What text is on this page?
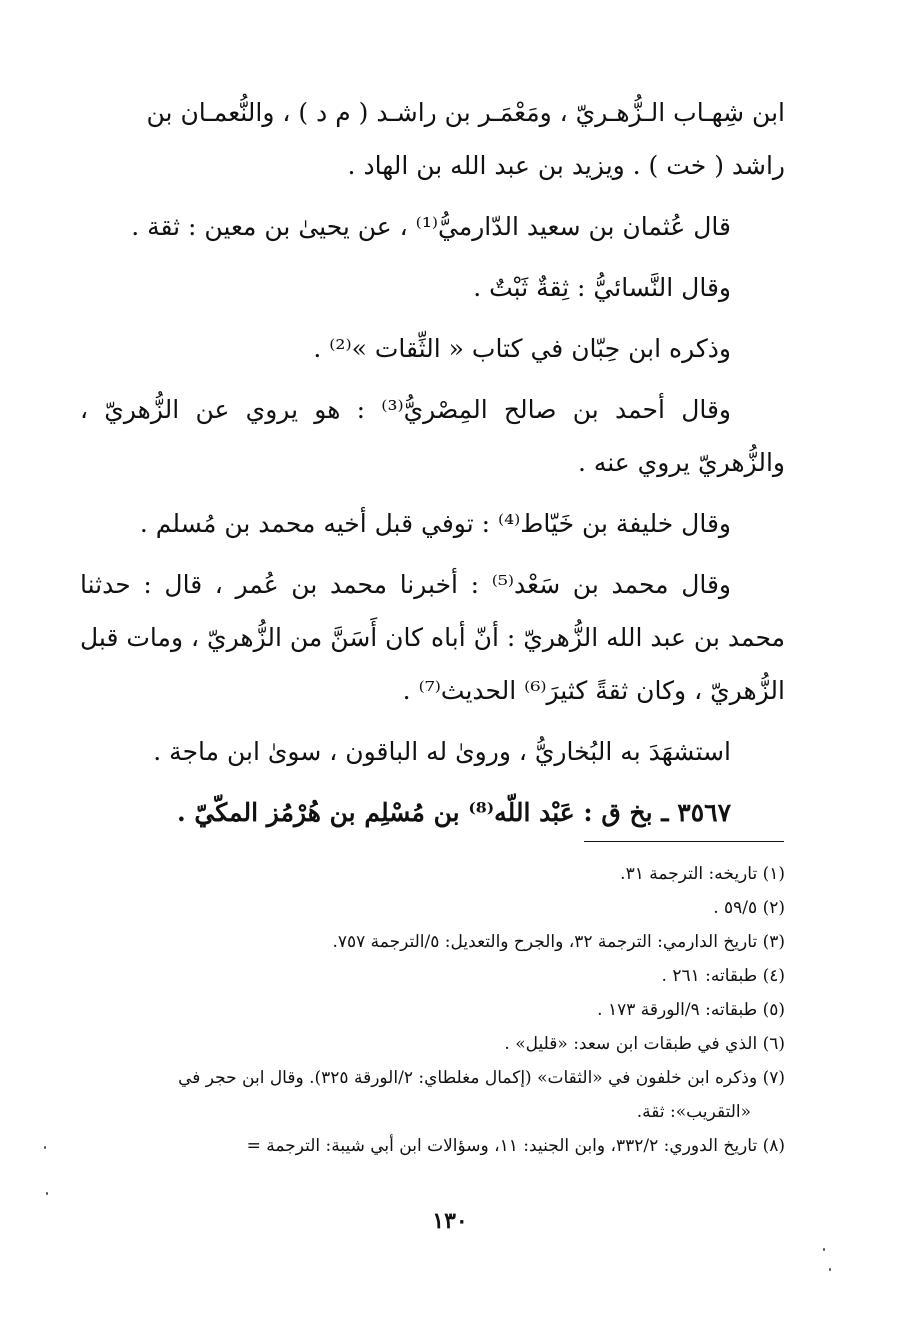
ابن شِهـاب الـزُّهـريّ ، ومَعْمَـر بن راشـد ( م د ) ، والنُّعمـان بن
راشد ( خت ) . ويزيد بن عبد الله بن الهاد .

قال عُثمان بن سعيد الدّارميُّ⁽¹⁾ ، عن يحيىٰ بن معين : ثقة .

وقال النَّسائيُّ : ثِقةٌ ثَبْتٌ .

وذكره ابن حِبّان في كتاب « الثِّقات »⁽²⁾ .

وقال أحمد بن صالح المِصْريُّ⁽³⁾ : هو يروي عن الزُّهريّ ، والزُّهريّ يروي عنه .

وقال خليفة بن خَيّاط⁽⁴⁾ : توفي قبل أخيه محمد بن مُسلم .

وقال محمد بن سَعْد⁽⁵⁾ : أخبرنا محمد بن عُمر ، قال : حدثنا محمد بن عبد الله الزُّهريّ : أنّ أباه كان أَسَنَّ من الزُّهريّ ، ومات قبل الزُّهريّ ، وكان ثقةً كثيرَ⁽⁶⁾ الحديث⁽⁷⁾ .

استشهَدَ به البُخاريُّ ، وروىٰ له الباقون ، سوىٰ ابن ماجة .

٣٥٦٧ ـ بخ ق : عَبْد اللّه⁽⁸⁾ بن مُسْلِم بن هُرْمُز المكّيّ .

(١) تاريخه: الترجمة ٣١.

(٢) ٥٩/٥ .

(٣) تاريخ الدارمي: الترجمة ٣٢، والجرح والتعديل: ٥/الترجمة ٧٥٧.

(٤) طبقاته: ٢٦١ .

(٥) طبقاته: ٩/الورقة ١٧٣ .

(٦) الذي في طبقات ابن سعد: «قليل» .

(٧) وذكره ابن خلفون في «الثقات» (إكمال مغلطاي: ٢/الورقة ٣٢٥). وقال ابن حجر في

«التقريب»: ثقة.

(٨) تاريخ الدوري: ٣٣٢/٢، وابن الجنيد: ١١، وسؤالات ابن أبي شيبة: الترجمة =

١٣٠
